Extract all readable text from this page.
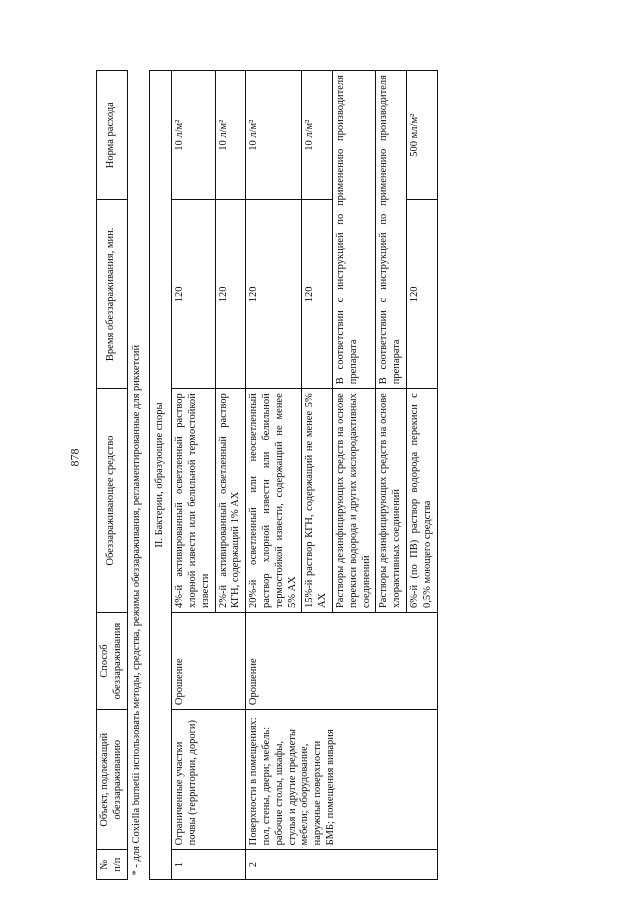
878
№ п/п	Объект, подлежащий обеззараживанию	Способ обеззараживания	Обеззараживающее средство	Время обеззараживания, мин.	Норма расхода
* - для Coxiella burnetii использовать методы, средства, режимы обеззараживания, регламентированные для риккетсий					
II. Бактерии, образующие споры					
1	Ограниченные участки почвы (территории, дороги)	Орошение	4%-й активированный осветленный раствор хлорной извести или белильной термостойкой извести	120	10 л/м²
			2%-й активированный осветленный раствор КГН, содержащий 1% АХ	120	10 л/м²
2	Поверхности в помещениях: пол, стены, двери; мебель: рабочие столы, шкафы, стулья и другие предметы мебели; оборудование, наружные поверхности БМБ; помещения вивария	Орошение	20%-й осветленный или неосветленный раствор хлорной извести или белильной термостойкой извести, содержащий не менее 5% АХ	120	10 л/м²
			15%-й раствор КГН, содержащий не менее 5% АХ	120	10 л/м²
			Растворы дезинфицирующих средств на основе перекиси водорода и других кислородактивных соединений	В соответствии с инструкцией по применению производителя препарата	
			Растворы дезинфицирующих средств на основе хлорактивных соединений	В соответствии с инструкцией по применению производителя препарата	
			6%-й (по ПВ) раствор водорода перекиси с 0,5% моющего средства	120	500 мл/м²
